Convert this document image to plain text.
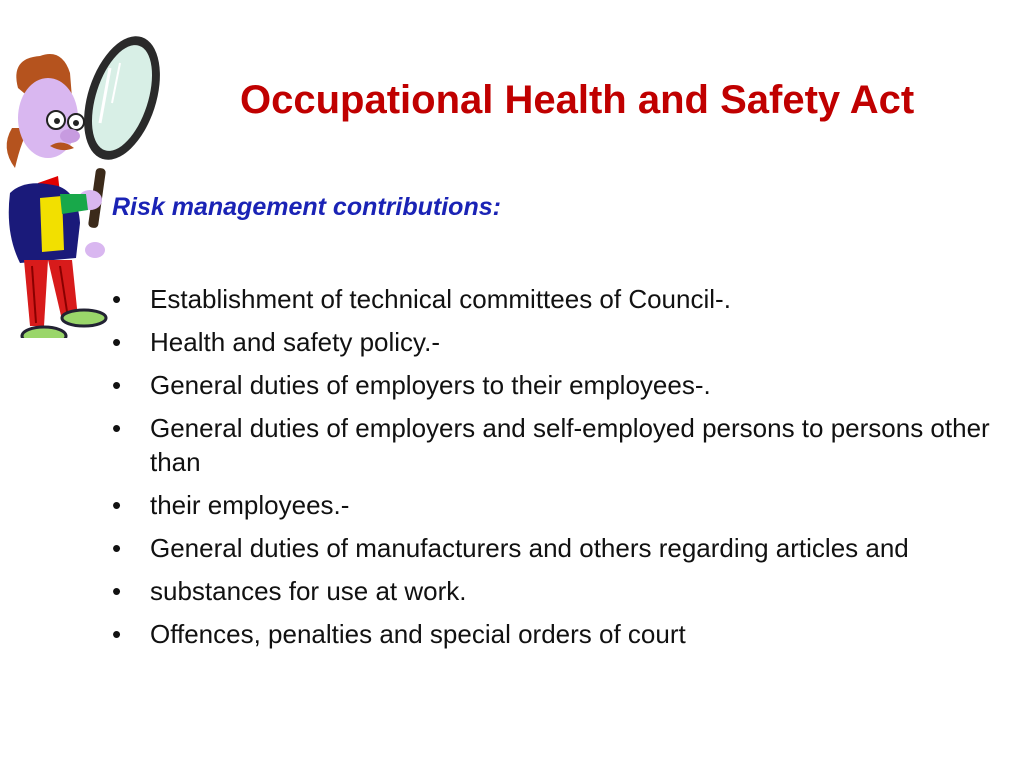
Occupational Health and Safety Act
Risk management contributions:
• Establishment of technical committees of Council-.
• Health and safety policy.-
• General duties of employers to their employees-.
• General duties of employers and self-employed persons to persons other than
• their employees.-
• General duties of manufacturers and others regarding articles and
• substances for use at work.
• Offences, penalties and special orders of court
